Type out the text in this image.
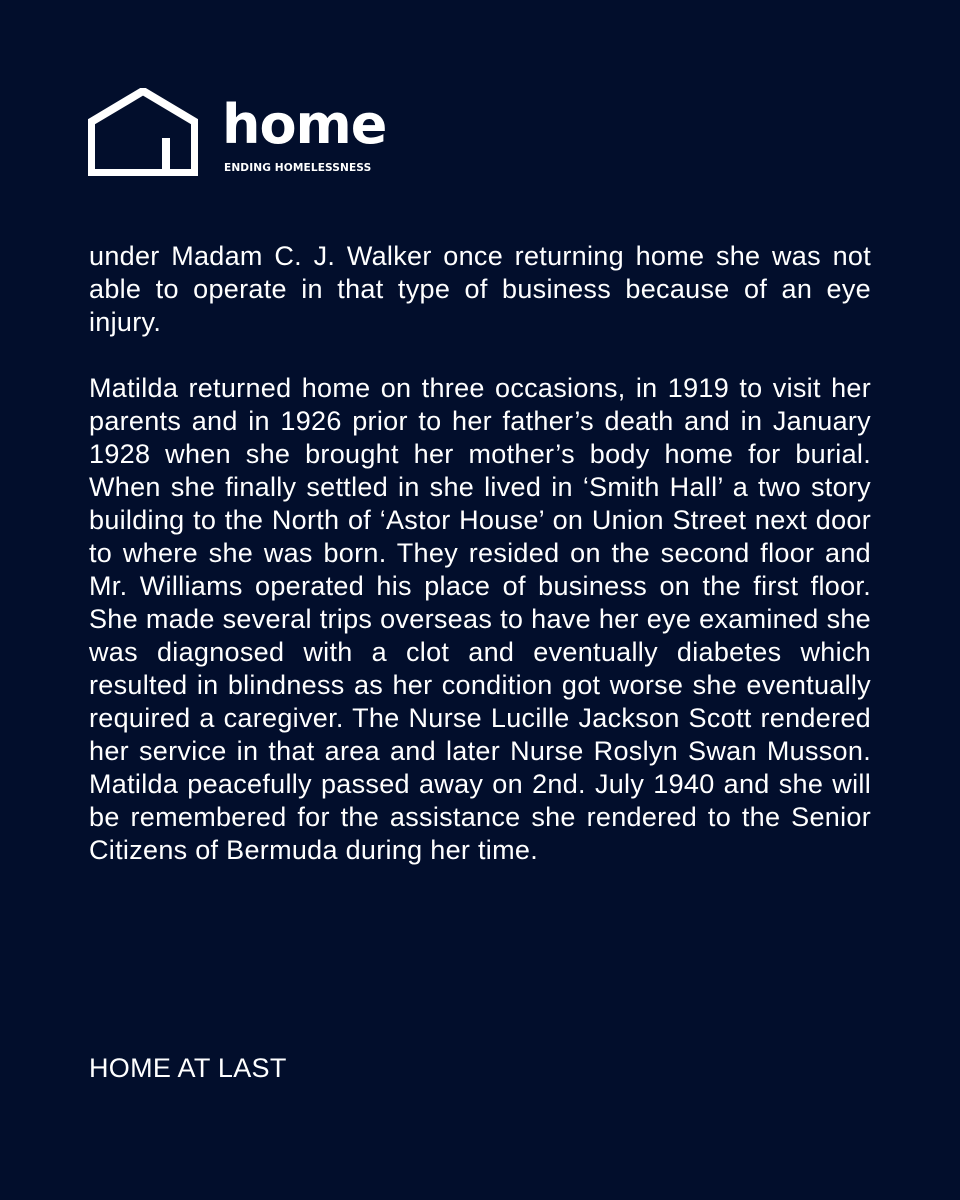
home
ENDING HOMELESSNESS

under Madam C. J. Walker once returning home she was not able to operate in that type of business because of an eye injury.

Matilda returned home on three occasions, in 1919 to visit her parents and in 1926 prior to her father’s death and in January 1928 when she brought her mother’s body home for burial. When she finally settled in she lived in ‘Smith Hall’ a two story building to the North of ‘Astor House’ on Union Street next door to where she was born. They resided on the second floor and Mr. Williams operated his place of business on the first floor. She made several trips overseas to have her eye examined she was diagnosed with a clot and eventually diabetes which resulted in blindness as her condition got worse she eventually required a caregiver. The Nurse Lucille Jackson Scott rendered her service in that area and later Nurse Roslyn Swan Musson. Matilda peacefully passed away on 2nd. July 1940 and she will be remembered for the assistance she rendered to the Senior Citizens of Bermuda during her time.

HOME AT LAST
